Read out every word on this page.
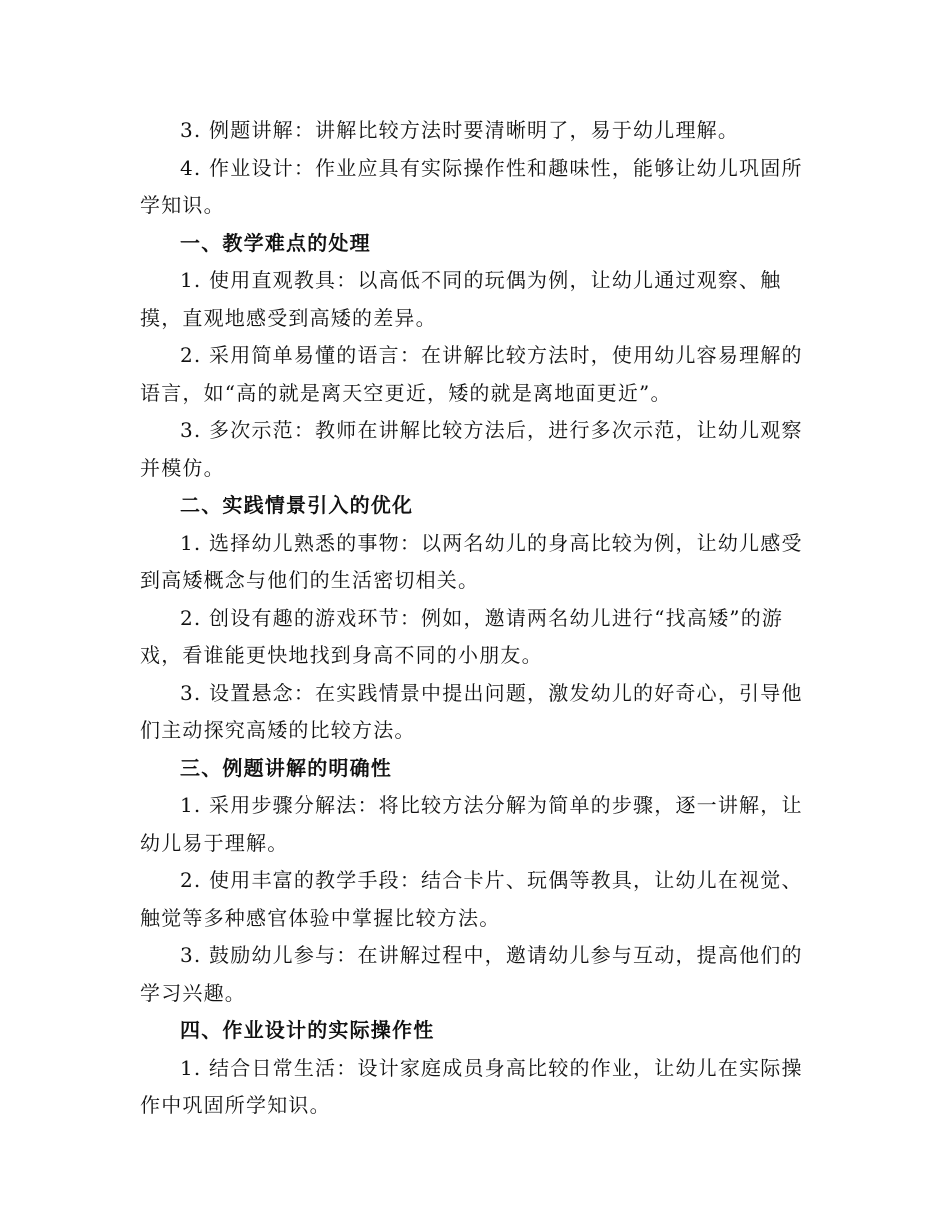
3. 例题讲解：讲解比较方法时要清晰明了，易于幼儿理解。

4. 作业设计：作业应具有实际操作性和趣味性，能够让幼儿巩固所学知识。

一、教学难点的处理

1. 使用直观教具：以高低不同的玩偶为例，让幼儿通过观察、触摸，直观地感受到高矮的差异。

2. 采用简单易懂的语言：在讲解比较方法时，使用幼儿容易理解的语言，如“高的就是离天空更近，矮的就是离地面更近”。

3. 多次示范：教师在讲解比较方法后，进行多次示范，让幼儿观察并模仿。

二、实践情景引入的优化

1. 选择幼儿熟悉的事物：以两名幼儿的身高比较为例，让幼儿感受到高矮概念与他们的生活密切相关。

2. 创设有趣的游戏环节：例如，邀请两名幼儿进行“找高矮”的游戏，看谁能更快地找到身高不同的小朋友。

3. 设置悬念：在实践情景中提出问题，激发幼儿的好奇心，引导他们主动探究高矮的比较方法。

三、例题讲解的明确性

1. 采用步骤分解法：将比较方法分解为简单的步骤，逐一讲解，让幼儿易于理解。

2. 使用丰富的教学手段：结合卡片、玩偶等教具，让幼儿在视觉、触觉等多种感官体验中掌握比较方法。

3. 鼓励幼儿参与：在讲解过程中，邀请幼儿参与互动，提高他们的学习兴趣。

四、作业设计的实际操作性

1. 结合日常生活：设计家庭成员身高比较的作业，让幼儿在实际操作中巩固所学知识。
